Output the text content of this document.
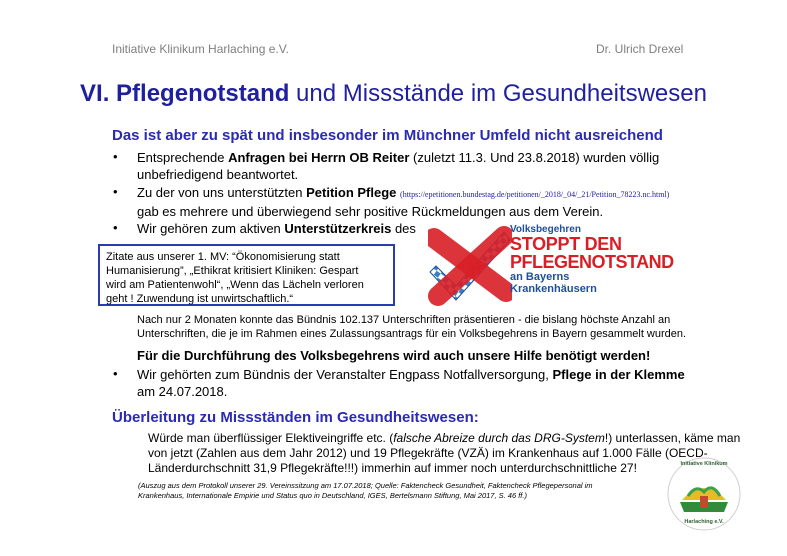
Initiative Klinikum Harlaching e.V.	Dr. Ulrich Drexel
VI. Pflegenotstand und Missstände im Gesundheitswesen
Das ist aber zu spät und insbesonder im Münchner Umfeld nicht ausreichend
• Entsprechende Anfragen bei Herrn OB Reiter (zuletzt 11.3. Und 23.8.2018) wurden völlig
unbefriedigend beantwortet.
• Zu der von uns unterstützten Petition Pflege (https://epetitionen.bundestag.de/petitionen/_2018/_04/_21/Petition_78223.nc.html)
gab es mehrere und überwiegend sehr positive Rückmeldungen aus dem Verein.
• Wir gehören zum aktiven Unterstützerkreis des
Zitate aus unserer 1. MV: “Ökonomisierung statt
Humanisierung”, „Ethikrat kritisiert Kliniken: Gespart
wird am Patientenwohl“, „Wenn das Lächeln verloren
geht ! Zuwendung ist unwirtschaftlich.“
Volksbegehren
STOPPT DEN
PFLEGENOTSTAND
an Bayerns
Krankenhäusern
Nach nur 2 Monaten konnte das Bündnis 102.137 Unterschriften präsentieren - die bislang höchste Anzahl an
Unterschriften, die je im Rahmen eines Zulassungsantrags für ein Volksbegehrens in Bayern gesammelt wurden.
Für die Durchführung des Volksbegehrens wird auch unsere Hilfe benötigt werden!
• Wir gehörten zum Bündnis der Veranstalter Engpass Notfallversorgung, Pflege in der Klemme
am 24.07.2018.
Überleitung zu Missständen im Gesundheitswesen:
Würde man überflüssiger Elektiveingriffe etc. (falsche Abreize durch das DRG-System!) unterlassen, käme man
von jetzt (Zahlen aus dem Jahr 2012) und 19 Pflegekräfte (VZÄ) im Krankenhaus auf 1.000 Fälle (OECD-
Länderdurchschnitt 31,9 Pflegekräfte!!!) immerhin auf immer noch unterdurchschnittliche 27!
(Auszug aus dem Protokoll unserer 29. Vereinssitzung am 17.07.2018; Quelle: Faktencheck Gesundheit, Faktencheck Pflegepersonal im
Krankenhaus, Internationale Empirie und Status quo in Deutschland, IGES, Bertelsmann Stiftung, Mai 2017, S. 46 ff.)
Initiative Klinikum
Harlaching e.V.
